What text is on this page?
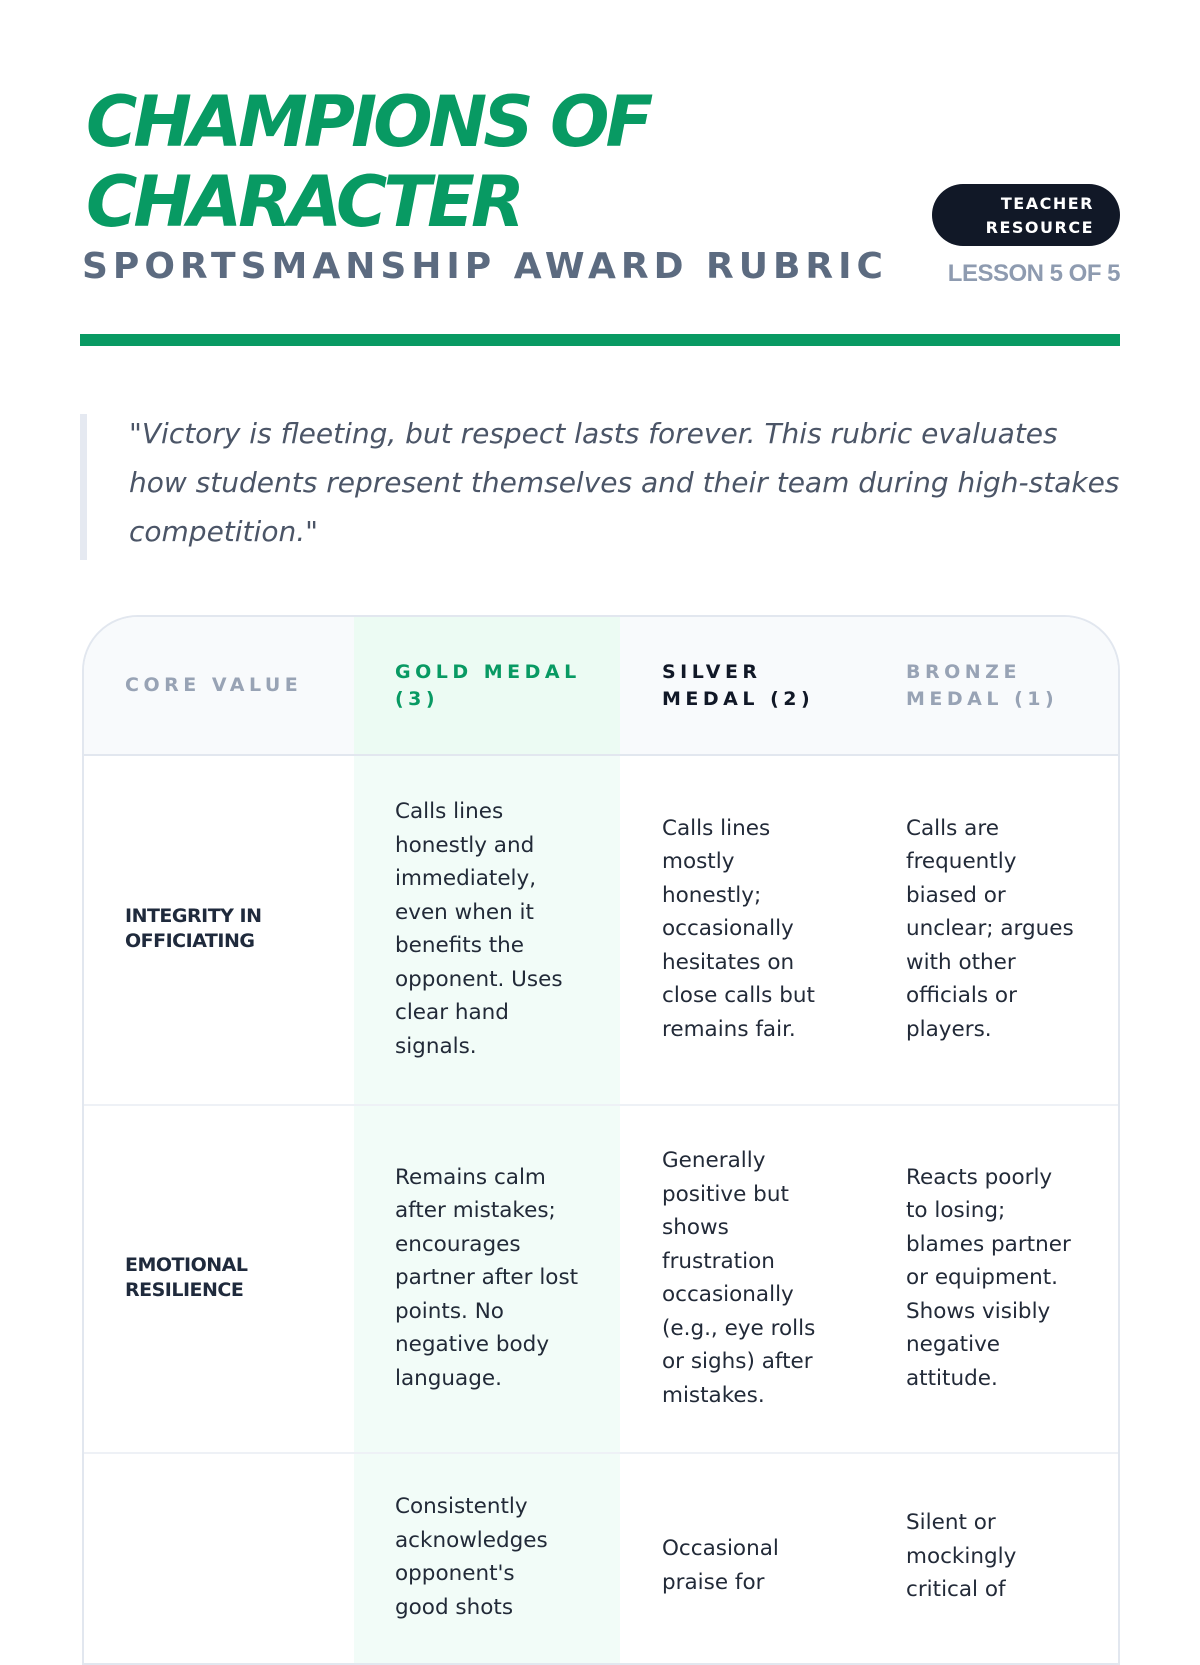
CHAMPIONS OF
CHARACTER
SPORTSMANSHIP AWARD RUBRIC
TEACHER
RESOURCE
LESSON 5 OF 5

"Victory is fleeting, but respect lasts forever. This rubric evaluates how students represent themselves and their team during high-stakes competition."

CORE VALUE
GOLD MEDAL
(3)
SILVER
MEDAL (2)
BRONZE
MEDAL (1)
INTEGRITY IN
OFFICIATING
Calls lines
honestly and
immediately,
even when it
benefits the
opponent. Uses
clear hand
signals.
Calls lines
mostly
honestly;
occasionally
hesitates on
close calls but
remains fair.
Calls are
frequently
biased or
unclear; argues
with other
officials or
players.
EMOTIONAL
RESILIENCE
Remains calm
after mistakes;
encourages
partner after lost
points. No
negative body
language.
Generally
positive but
shows
frustration
occasionally
(e.g., eye rolls
or sighs) after
mistakes.
Reacts poorly
to losing;
blames partner
or equipment.
Shows visibly
negative
attitude.
Consistently
acknowledges
opponent's
good shots
Occasional
praise for
Silent or
mockingly
critical of
